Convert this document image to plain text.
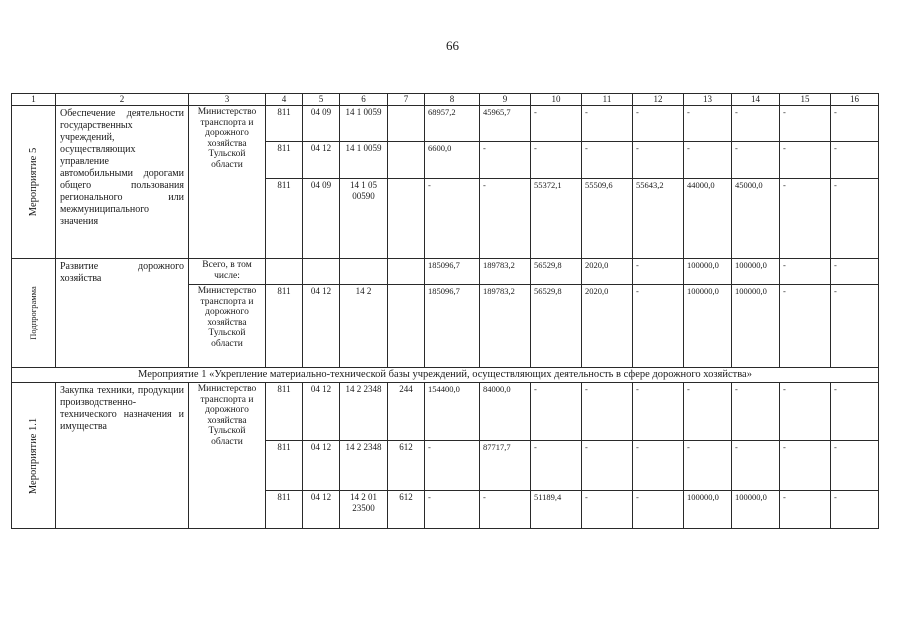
66
1	2	3	4	5	6	7	8	9	10	11	12	13	14	15	16

Мероприятие 5	Обеспечение деятельности государственных учреждений, осуществляющих управление автомобильными дорогами общего пользования регионального или межмуниципального значения	Министерство транспорта и дорожного хозяйства Тульской области	811	04 09	14 1 0059		68957,2	45965,7	-	-	-	-	-	-	-
			811	04 12	14 1 0059		6600,0	-	-	-	-	-	-	-	-
			811	04 09	14 1 05 00590		-	-	55372,1	55509,6	55643,2	44000,0	45000,0	-	-

Подпрограмма	Развитие дорожного хозяйства	Всего, в том числе:					185096,7	189783,2	56529,8	2020,0	-	100000,0	100000,0	-	-
		Министерство транспорта и дорожного хозяйства Тульской области	811	04 12	14 2		185096,7	189783,2	56529,8	2020,0	-	100000,0	100000,0	-	-
Мероприятие 1 «Укрепление материально-технической базы учреждений, осуществляющих деятельность в сфере дорожного хозяйства»															

Мероприятие 1.1	Закупка техники, продукции производственно-технического назначения и имущества	Министерство транспорта и дорожного хозяйства Тульской области	811	04 12	14 2 2348	244	154400,0	84000,0	-	-	-	-	-	-	-
			811	04 12	14 2 2348	612	-	87717,7	-	-	-	-	-	-	-
			811	04 12	14 2 01 23500	612	-	-	51189,4	-	-	100000,0	100000,0	-	-
